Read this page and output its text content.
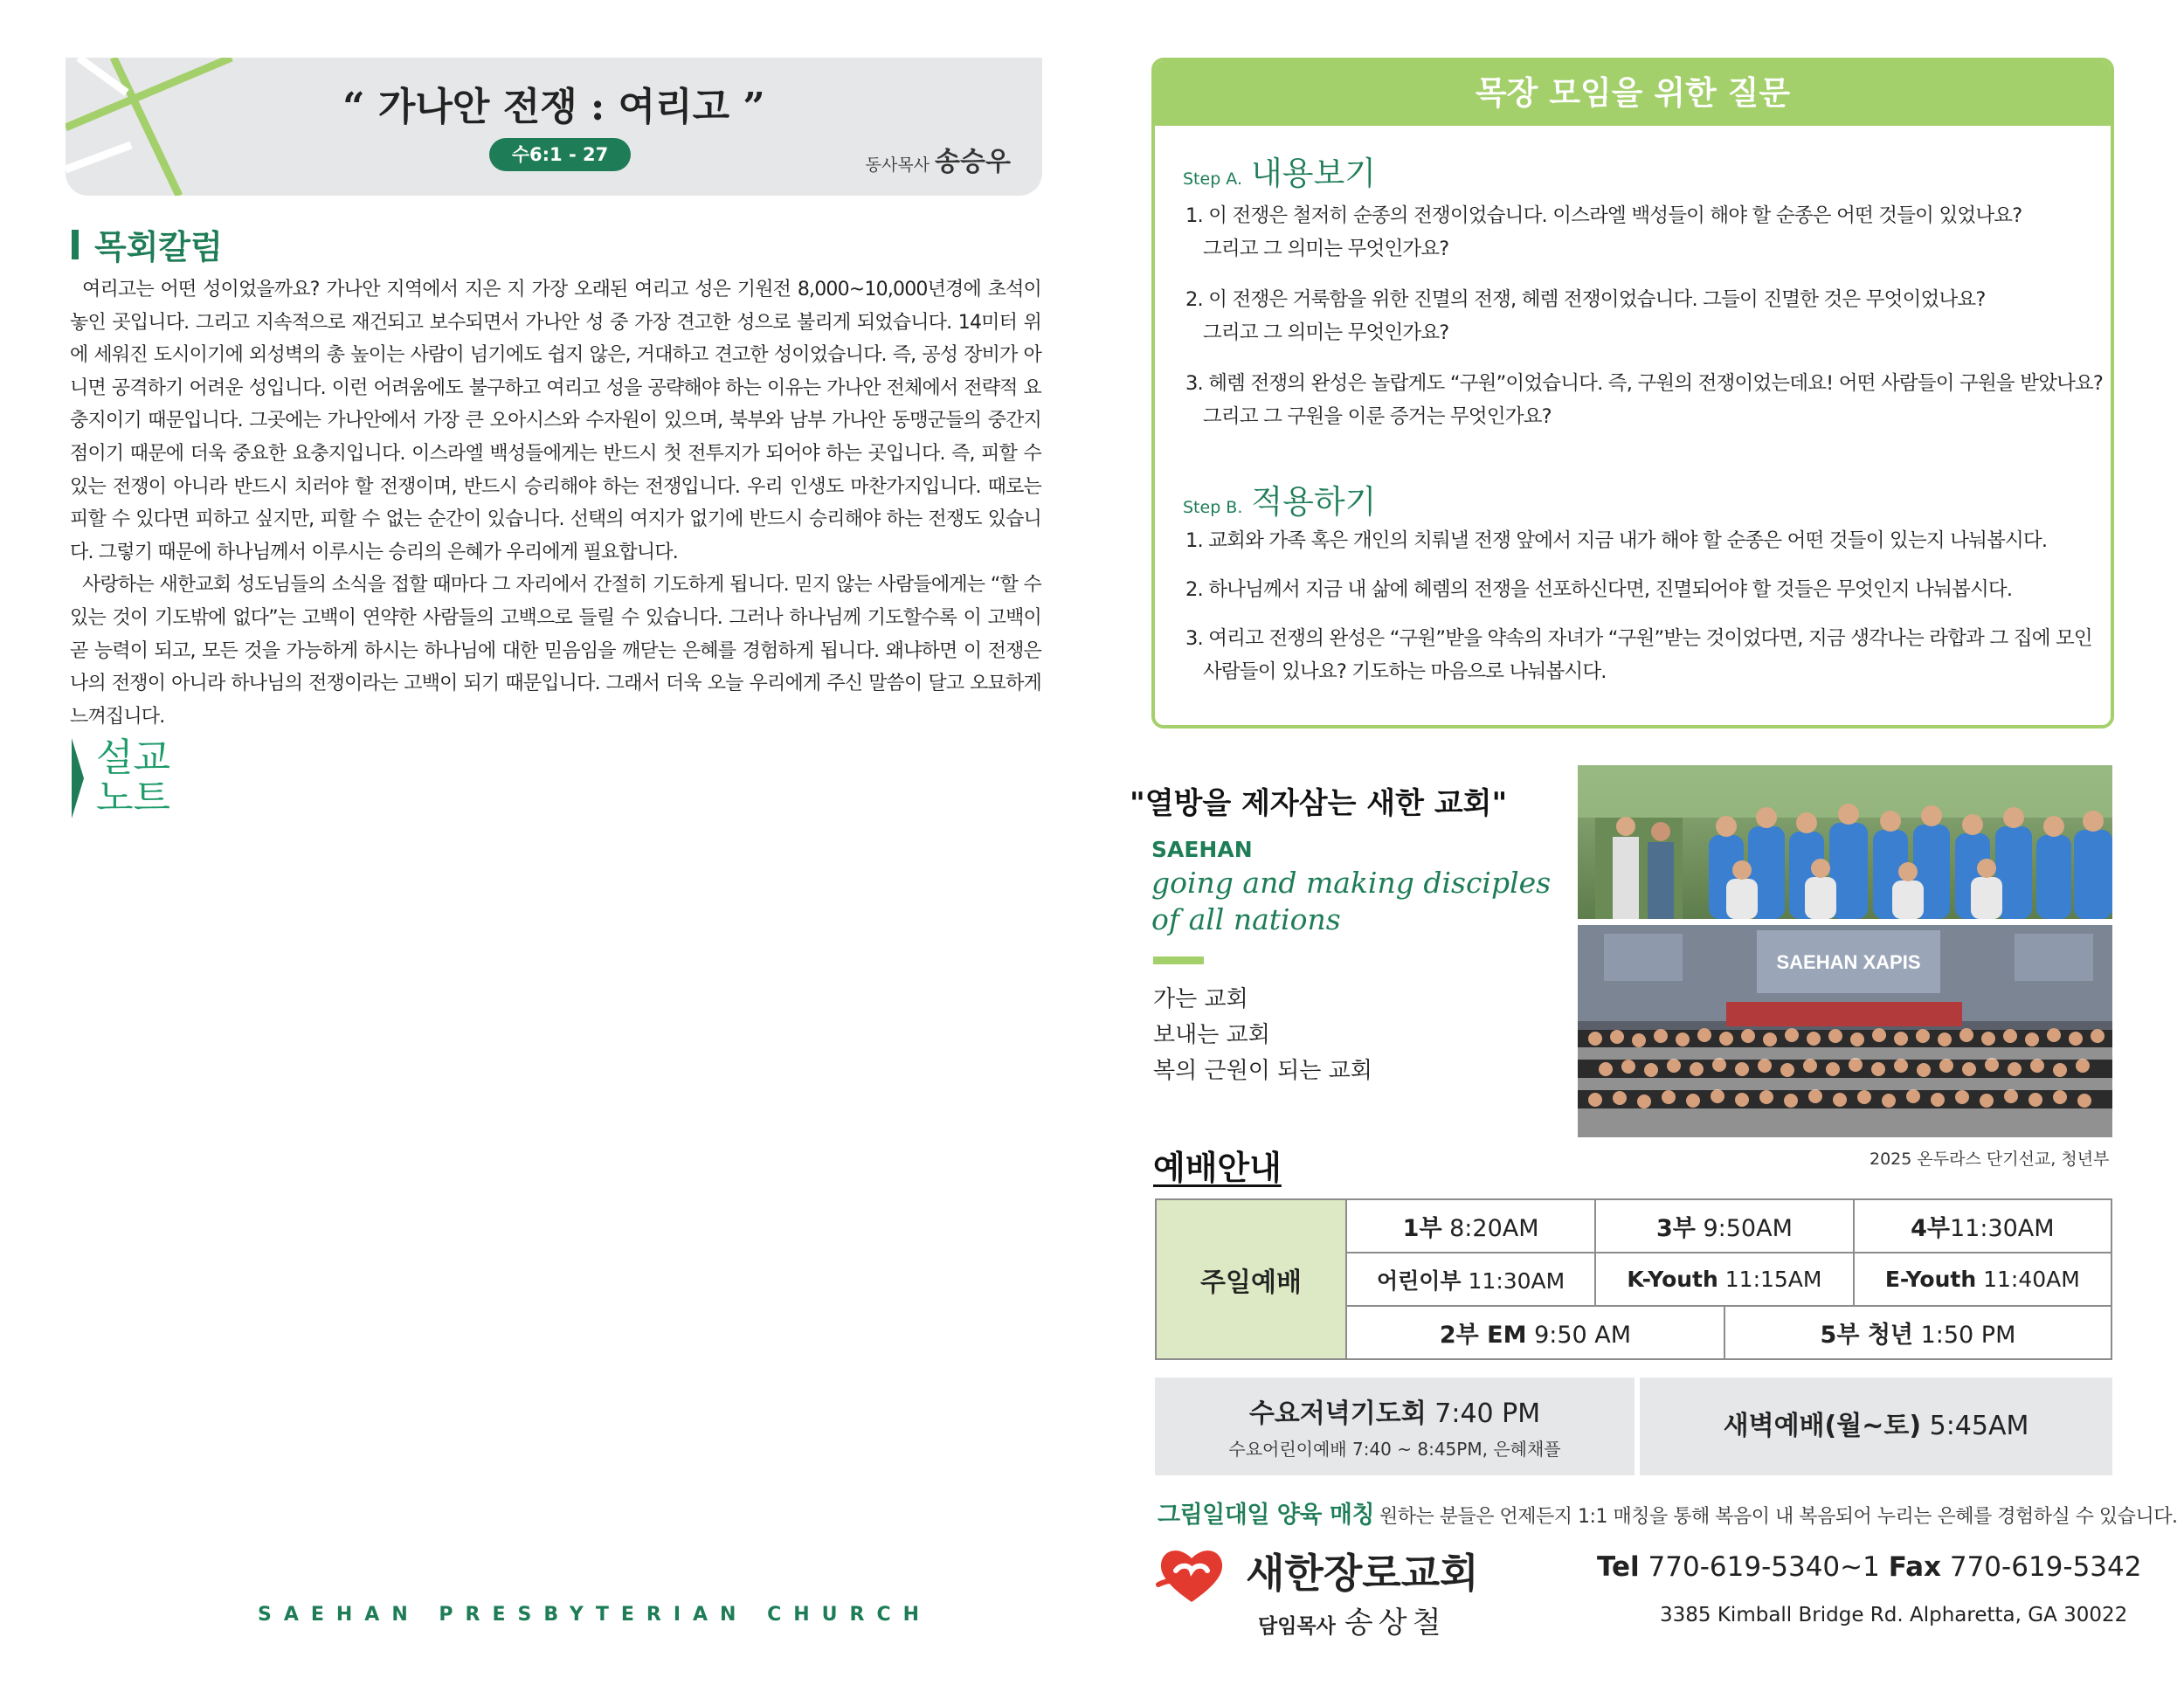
“ 가나안 전쟁 : 여리고 ”
수6:1 - 27	동사목사 송승우
목회칼럼

여리고는 어떤 성이었을까요? 가나안 지역에서 지은 지 가장 오래된 여리고 성은 기원전 8,000~10,000년경에 초석이 놓인 곳입니다. 그리고 지속적으로 재건되고 보수되면서 가나안 성 중 가장 견고한 성으로 불리게 되었습니다. 14미터 위에 세워진 도시이기에 외성벽의 총 높이는 사람이 넘기에도 쉽지 않은, 거대하고 견고한 성이었습니다. 즉, 공성 장비가 아니면 공격하기 어려운 성입니다. 이런 어려움에도 불구하고 여리고 성을 공략해야 하는 이유는 가나안 전체에서 전략적 요충지이기 때문입니다. 그곳에는 가나안에서 가장 큰 오아시스와 수자원이 있으며, 북부와 남부 가나안 동맹군들의 중간지점이기 때문에 더욱 중요한 요충지입니다. 이스라엘 백성들에게는 반드시 첫 전투지가 되어야 하는 곳입니다. 즉, 피할 수 있는 전쟁이 아니라 반드시 치러야 할 전쟁이며, 반드시 승리해야 하는 전쟁입니다. 우리 인생도 마찬가지입니다. 때로는 피할 수 있다면 피하고 싶지만, 피할 수 없는 순간이 있습니다. 선택의 여지가 없기에 반드시 승리해야 하는 전쟁도 있습니다. 그렇기 때문에 하나님께서 이루시는 승리의 은혜가 우리에게 필요합니다.

사랑하는 새한교회 성도님들의 소식을 접할 때마다 그 자리에서 간절히 기도하게 됩니다. 믿지 않는 사람들에게는 “할 수 있는 것이 기도밖에 없다”는 고백이 연약한 사람들의 고백으로 들릴 수 있습니다. 그러나 하나님께 기도할수록 이 고백이 곧 능력이 되고, 모든 것을 가능하게 하시는 하나님에 대한 믿음임을 깨닫는 은혜를 경험하게 됩니다. 왜냐하면 이 전쟁은 나의 전쟁이 아니라 하나님의 전쟁이라는 고백이 되기 때문입니다. 그래서 더욱 오늘 우리에게 주신 말씀이 달고 오묘하게 느껴집니다.

설교
노트
SAEHAN PRESBYTERIAN CHURCH
목장 모임을 위한 질문
Step A. 내용보기
1. 이 전쟁은 철저히 순종의 전쟁이었습니다. 이스라엘 백성들이 해야 할 순종은 어떤 것들이 있었나요?
그리고 그 의미는 무엇인가요?
2. 이 전쟁은 거룩함을 위한 진멸의 전쟁, 헤렘 전쟁이었습니다. 그들이 진멸한 것은 무엇이었나요?
그리고 그 의미는 무엇인가요?
3. 헤렘 전쟁의 완성은 놀랍게도 “구원”이었습니다. 즉, 구원의 전쟁이었는데요! 어떤 사람들이 구원을 받았나요?
그리고 그 구원을 이룬 증거는 무엇인가요?
Step B. 적용하기
1. 교회와 가족 혹은 개인의 치뤄낼 전쟁 앞에서 지금 내가 해야 할 순종은 어떤 것들이 있는지 나눠봅시다.
2. 하나님께서 지금 내 삶에 헤렘의 전쟁을 선포하신다면, 진멸되어야 할 것들은 무엇인지 나눠봅시다.
3. 여리고 전쟁의 완성은 “구원”받을 약속의 자녀가 “구원”받는 것이었다면, 지금 생각나는 라합과 그 집에 모인
사람들이 있나요? 기도하는 마음으로 나눠봅시다.
"열방을 제자삼는 새한 교회"
SAEHAN
going and making disciples
of all nations
가는 교회
보내는 교회
복의 근원이 되는 교회
SAEHAN XAPIS
2025 온두라스 단기선교, 청년부
예배안내
주일예배	1부 8:20AM	3부 9:50AM		4부11:30AM
	어린이부 11:30AM	K-Youth 11:15AM		E-Youth 11:40AM
	2부 EM 9:50 AM		5부 청년 1:50 PM	
수요저녁기도회 7:40 PM
수요어린이예배 7:40 ~ 8:45PM, 은혜채플
새벽예배(월~토) 5:45AM
그림일대일 양육 매칭 원하는 분들은 언제든지 1:1 매칭을 통해 복음이 내 복음되어 누리는 은혜를 경험하실 수 있습니다.
새한장로교회
담임목사 송상철
Tel 770-619-5340~1 Fax 770-619-5342
3385 Kimball Bridge Rd. Alpharetta, GA 30022
